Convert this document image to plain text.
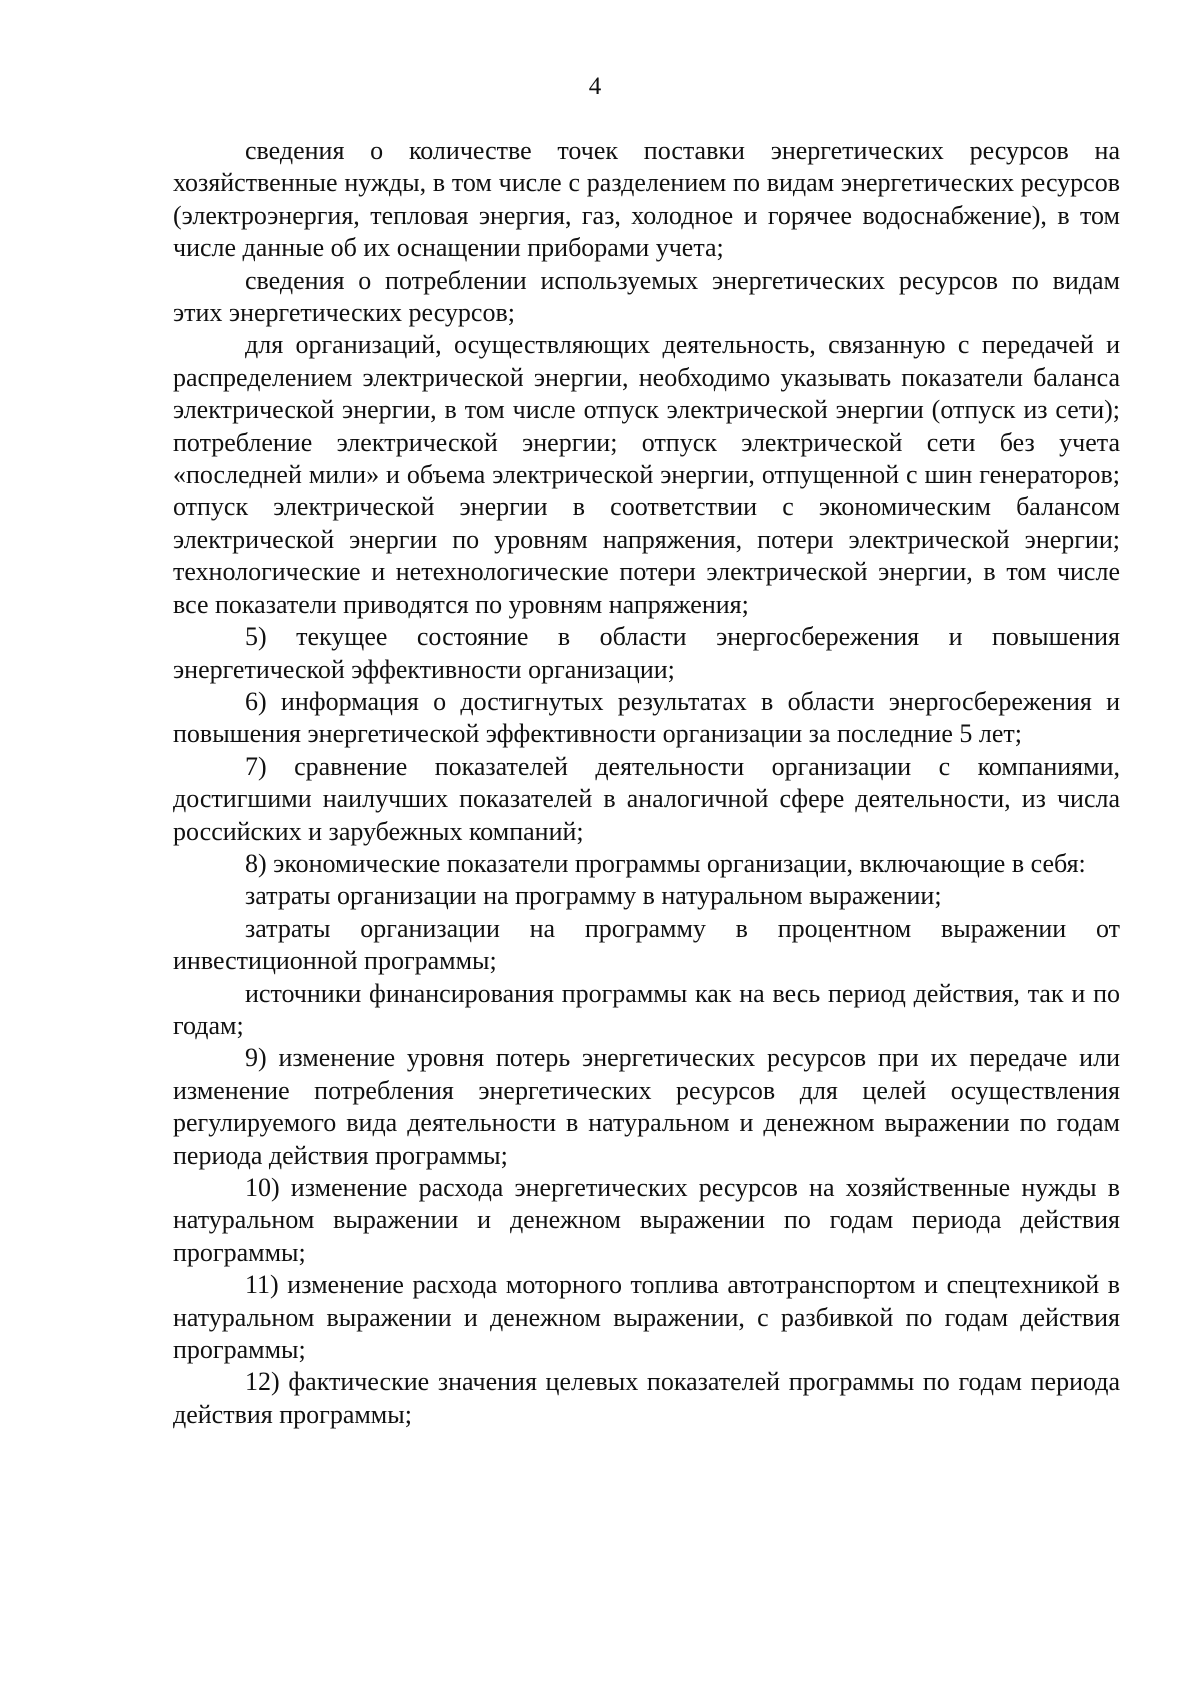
4

сведения о количестве точек поставки энергетических ресурсов на хозяйственные нужды, в том числе с разделением по видам энергетических ресурсов (электроэнергия, тепловая энергия, газ, холодное и горячее водоснабжение), в том числе данные об их оснащении приборами учета;

сведения о потреблении используемых энергетических ресурсов по видам этих энергетических ресурсов;

для организаций, осуществляющих деятельность, связанную с передачей и распределением электрической энергии, необходимо указывать показатели баланса электрической энергии, в том числе отпуск электрической энергии (отпуск из сети); потребление электрической энергии; отпуск электрической сети без учета «последней мили» и объема электрической энергии, отпущенной с шин генераторов; отпуск электрической энергии в соответствии с экономическим балансом электрической энергии по уровням напряжения, потери электрической энергии; технологические и нетехнологические потери электрической энергии, в том числе все показатели приводятся по уровням напряжения;

5) текущее состояние в области энергосбережения и повышения энергетической эффективности организации;

6) информация о достигнутых результатах в области энергосбережения и повышения энергетической эффективности организации за последние 5 лет;

7) сравнение показателей деятельности организации с компаниями, достигшими наилучших показателей в аналогичной сфере деятельности, из числа российских и зарубежных компаний;

8) экономические показатели программы организации, включающие в себя:

затраты организации на программу в натуральном выражении;

затраты организации на программу в процентном выражении от инвестиционной программы;

источники финансирования программы как на весь период действия, так и по годам;

9) изменение уровня потерь энергетических ресурсов при их передаче или изменение потребления энергетических ресурсов для целей осуществления регулируемого вида деятельности в натуральном и денежном выражении по годам периода действия программы;

10) изменение расхода энергетических ресурсов на хозяйственные нужды в натуральном выражении и денежном выражении по годам периода действия программы;

11) изменение расхода моторного топлива автотранспортом и спецтехникой в натуральном выражении и денежном выражении, с разбивкой по годам действия программы;

12) фактические значения целевых показателей программы по годам периода действия программы;
